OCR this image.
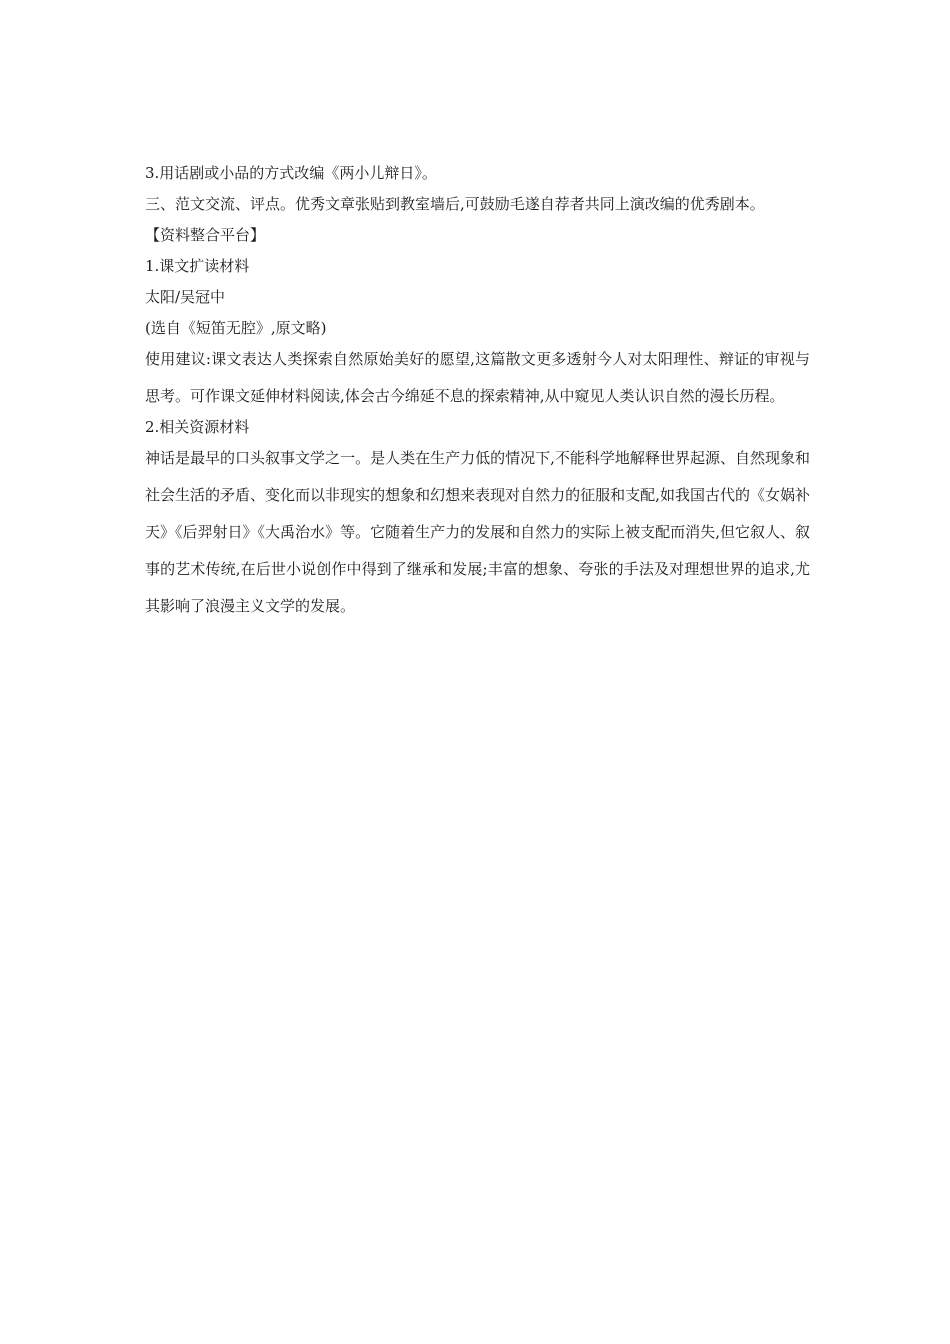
3.用话剧或小品的方式改编《两小儿辩日》。
三、范文交流、评点。优秀文章张贴到教室墙后,可鼓励毛遂自荐者共同上演改编的优秀剧本。
【资料整合平台】
1.课文扩读材料
太阳/吴冠中
(选自《短笛无腔》,原文略)
使用建议:课文表达人类探索自然原始美好的愿望,这篇散文更多透射今人对太阳理性、辩证的审视与思考。可作课文延伸材料阅读,体会古今绵延不息的探索精神,从中窥见人类认识自然的漫长历程。
2.相关资源材料
神话是最早的口头叙事文学之一。是人类在生产力低的情况下,不能科学地解释世界起源、自然现象和社会生活的矛盾、变化而以非现实的想象和幻想来表现对自然力的征服和支配,如我国古代的《女娲补天》《后羿射日》《大禹治水》等。它随着生产力的发展和自然力的实际上被支配而消失,但它叙人、叙事的艺术传统,在后世小说创作中得到了继承和发展;丰富的想象、夸张的手法及对理想世界的追求,尤其影响了浪漫主义文学的发展。
